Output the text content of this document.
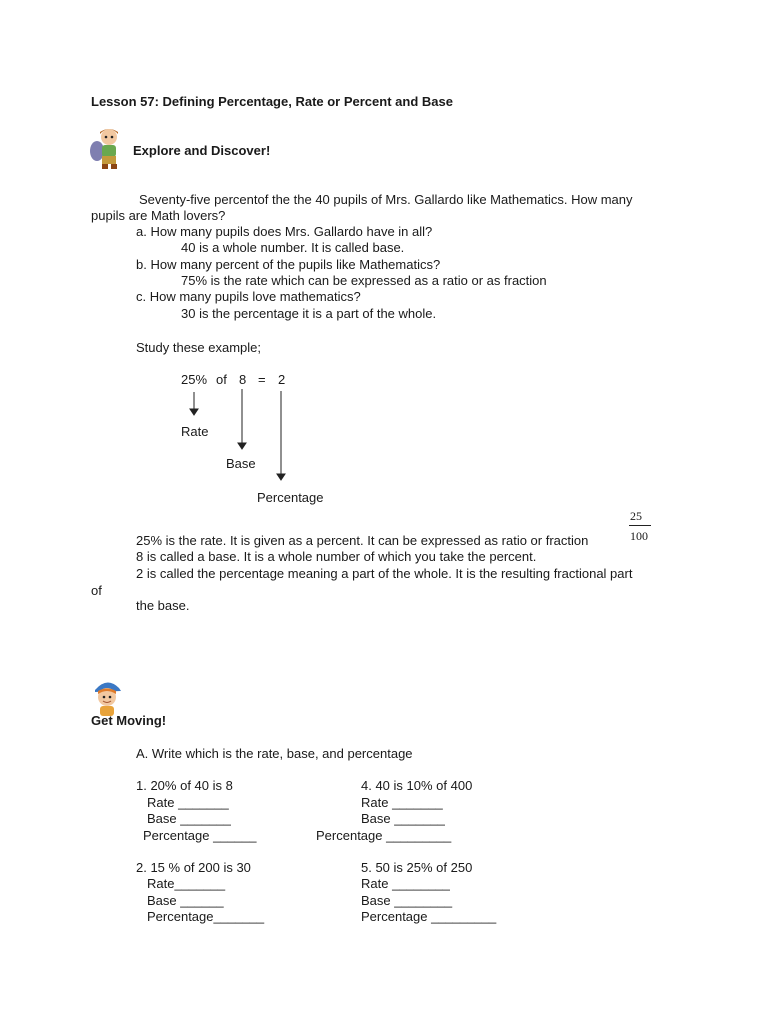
Lesson 57: Defining Percentage, Rate or Percent and Base
Explore and Discover!
Seventy-five percentof the the 40 pupils of Mrs. Gallardo like Mathematics. How many
pupils are Math lovers?
a. How many pupils does Mrs. Gallardo have in all?
40 is a whole number. It is called base.
b. How many percent of the pupils like Mathematics?
75% is the rate which can be expressed as a ratio or as fraction
c. How many pupils love mathematics?
30 is the percentage it is a part of the whole.
Study these example;
25% of 8 = 2
Rate
Base
Percentage
25
100
25% is the rate. It is given as a percent. It can be expressed as ratio or fraction
8 is called a base. It is a whole number of which you take the percent.
2 is called the percentage meaning a part of the whole. It is the resulting fractional part
of
the base.
Get Moving!
A. Write which is the rate, base, and percentage
1. 20% of 40 is 8
Rate _______
Base _______
Percentage ______
4. 40 is 10% of 400
Rate _______
Base _______
Percentage _________
2. 15 % of 200 is 30
Rate_______
Base ______
Percentage_______
5. 50 is 25% of 250
Rate ________
Base ________
Percentage _________
